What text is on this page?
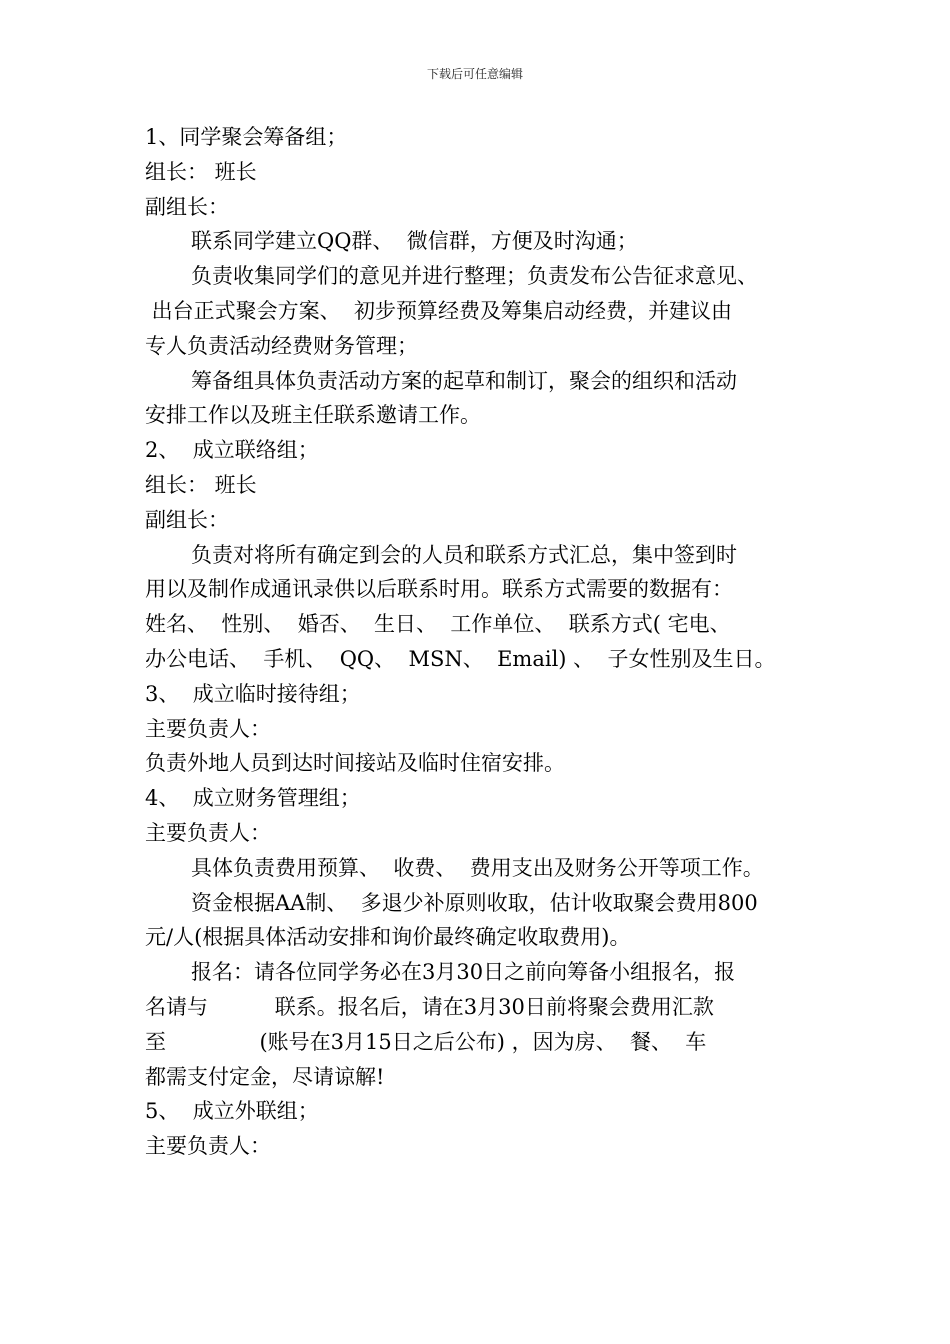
下载后可任意编辑
1、同学聚会筹备组；
组长： 班长
副组长：
联系同学建立QQ群、  微信群，方便及时沟通；
负责收集同学们的意见并进行整理；负责发布公告征求意见、
出台正式聚会方案、  初步预算经费及筹集启动经费，并建议由
专人负责活动经费财务管理；
筹备组具体负责活动方案的起草和制订，聚会的组织和活动
安排工作以及班主任联系邀请工作。
2、  成立联络组；
组长： 班长
副组长：
负责对将所有确定到会的人员和联系方式汇总，集中签到时
用以及制作成通讯录供以后联系时用。联系方式需要的数据有：
姓名、  性别、  婚否、  生日、  工作单位、  联系方式( 宅电、
办公电话、  手机、  QQ、  MSN、  Email) 、  子女性别及生日。
3、  成立临时接待组；
主要负责人：
负责外地人员到达时间接站及临时住宿安排。
4、  成立财务管理组；
主要负责人：
具体负责费用预算、  收费、  费用支出及财务公开等项工作。
资金根据AA制、  多退少补原则收取，估计收取聚会费用800
元/人(根据具体活动安排和询价最终确定收取费用)。
报名：请各位同学务必在3月30日之前向筹备小组报名，报
名请与          联系。报名后，请在3月30日前将聚会费用汇款
至              (账号在3月15日之后公布) ，因为房、  餐、  车
都需支付定金，尽请谅解!
5、  成立外联组；
主要负责人：
